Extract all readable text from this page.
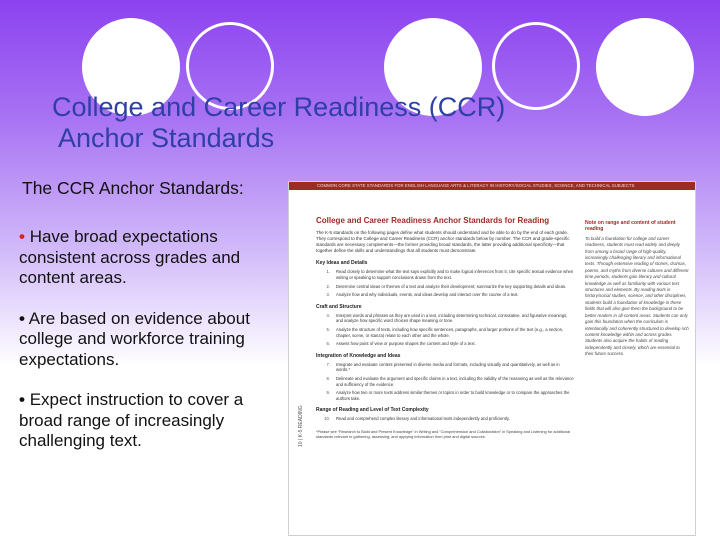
College and Career Readiness (CCR)
Anchor Standards

The CCR Anchor Standards:

• Have broad expectations consistent across grades and content areas.
• Are based on evidence about college and workforce training expectations.
• Expect instruction to cover a broad range of increasingly challenging text.
COMMON CORE STATE STANDARDS FOR ENGLISH LANGUAGE ARTS & LITERACY IN HISTORY/SOCIAL STUDIES, SCIENCE, AND TECHNICAL SUBJECTS
10 | K-5 READING

College and Career Readiness Anchor Standards for Reading

The K-5 standards on the following pages define what students should understand and be able to do by the end of each grade. They correspond to the College and Career Readiness (CCR) anchor standards below by number. The CCR and grade-specific standards are necessary complements—the former providing broad standards, the latter providing additional specificity—that together define the skills and understandings that all students must demonstrate.

Key Ideas and Details
1.	Read closely to determine what the text says explicitly and to make logical inferences from it; cite specific textual evidence when writing or speaking to support conclusions drawn from the text.
2.	Determine central ideas or themes of a text and analyze their development; summarize the key supporting details and ideas.
3.	Analyze how and why individuals, events, and ideas develop and interact over the course of a text.
Craft and Structure
4.	Interpret words and phrases as they are used in a text, including determining technical, connotative, and figurative meanings, and analyze how specific word choices shape meaning or tone.
5.	Analyze the structure of texts, including how specific sentences, paragraphs, and larger portions of the text (e.g., a section, chapter, scene, or stanza) relate to each other and the whole.
6.	Assess how point of view or purpose shapes the content and style of a text.
Integration of Knowledge and Ideas
7.	Integrate and evaluate content presented in diverse media and formats, including visually and quantitatively, as well as in words.*
8.	Delineate and evaluate the argument and specific claims in a text, including the validity of the reasoning as well as the relevance and sufficiency of the evidence.
9.	Analyze how two or more texts address similar themes or topics in order to build knowledge or to compare the approaches the authors take.
Range of Reading and Level of Text Complexity
10.	Read and comprehend complex literary and informational texts independently and proficiently.

*Please see “Research to Build and Present Knowledge” in Writing and “Comprehension and Collaboration” in Speaking and Listening for additional standards relevant to gathering, assessing, and applying information from print and digital sources.

Note on range and content of student reading

To build a foundation for college and career readiness, students must read widely and deeply from among a broad range of high-quality, increasingly challenging literary and informational texts. Through extensive reading of stories, dramas, poems, and myths from diverse cultures and different time periods, students gain literary and cultural knowledge as well as familiarity with various text structures and elements. By reading texts in history/social studies, science, and other disciplines, students build a foundation of knowledge in these fields that will also give them the background to be better readers in all content areas. Students can only gain this foundation when the curriculum is intentionally and coherently structured to develop rich content knowledge within and across grades. Students also acquire the habits of reading independently and closely, which are essential to their future success.
